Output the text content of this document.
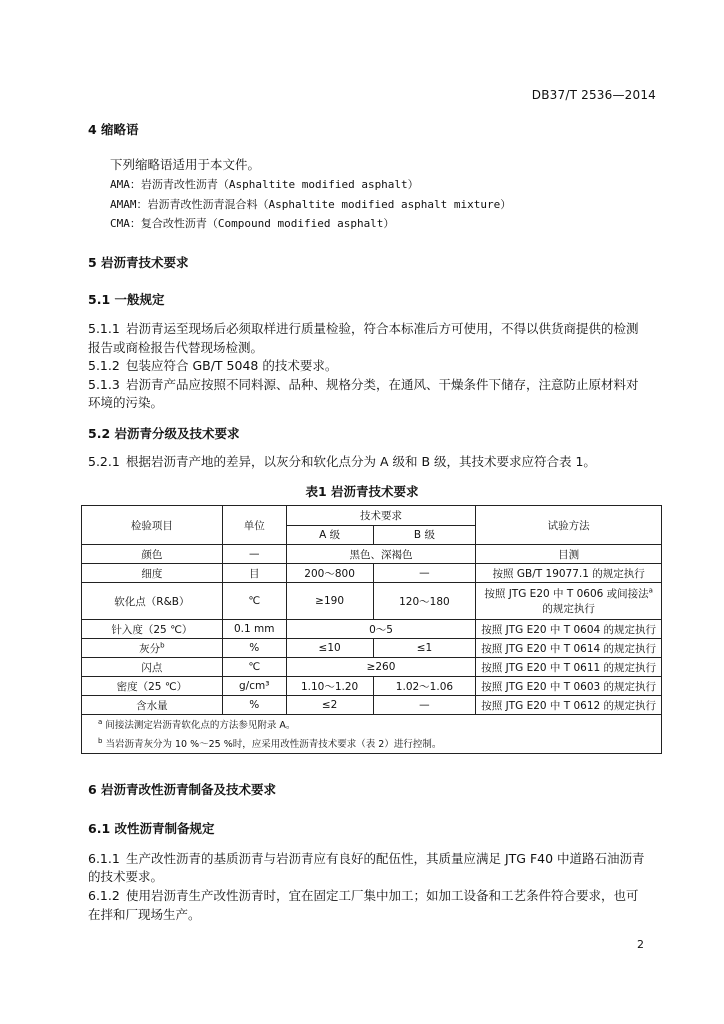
DB37/T 2536—2014
4 缩略语
下列缩略语适用于本文件。
AMA：岩沥青改性沥青（Asphaltite modified asphalt）
AMAM：岩沥青改性沥青混合料（Asphaltite modified asphalt mixture）
CMA：复合改性沥青（Compound modified asphalt）
5 岩沥青技术要求
5.1 一般规定
5.1.1 岩沥青运至现场后必须取样进行质量检验，符合本标准后方可使用，不得以供货商提供的检测
报告或商检报告代替现场检测。
5.1.2 包装应符合 GB/T 5048 的技术要求。
5.1.3 岩沥青产品应按照不同料源、品种、规格分类，在通风、干燥条件下储存，注意防止原材料对
环境的污染。
5.2 岩沥青分级及技术要求
5.2.1 根据岩沥青产地的差异，以灰分和软化点分为 A 级和 B 级，其技术要求应符合表 1。
表1 岩沥青技术要求
检验项目	单位	技术要求		试验方法
		A 级	B 级	
颜色	—	黑色、深褐色		目测
细度	目	200～800	—	按照 GB/T 19077.1 的规定执行
软化点（R&B）	℃	≥190	120～180	按照 JTG E20 中 T 0606 或间接法$^a$
的规定执行
针入度（25 ℃）	0.1 mm	0～5		按照 JTG E20 中 T 0604 的规定执行
灰分$^b$	%	≤10	≤1	按照 JTG E20 中 T 0614 的规定执行
闪点	℃	≥260		按照 JTG E20 中 T 0611 的规定执行
密度（25 ℃）	g/cm³	1.10～1.20	1.02～1.06	按照 JTG E20 中 T 0603 的规定执行
含水量	%	≤2	—	按照 JTG E20 中 T 0612 的规定执行
$^a$ 间接法测定岩沥青软化点的方法参见附录 A。				
$^b$ 当岩沥青灰分为 10 %～25 %时，应采用改性沥青技术要求（表 2）进行控制。				
6 岩沥青改性沥青制备及技术要求
6.1 改性沥青制备规定
6.1.1 生产改性沥青的基质沥青与岩沥青应有良好的配伍性，其质量应满足 JTG F40 中道路石油沥青
的技术要求。
6.1.2 使用岩沥青生产改性沥青时，宜在固定工厂集中加工；如加工设备和工艺条件符合要求，也可
在拌和厂现场生产。
2
